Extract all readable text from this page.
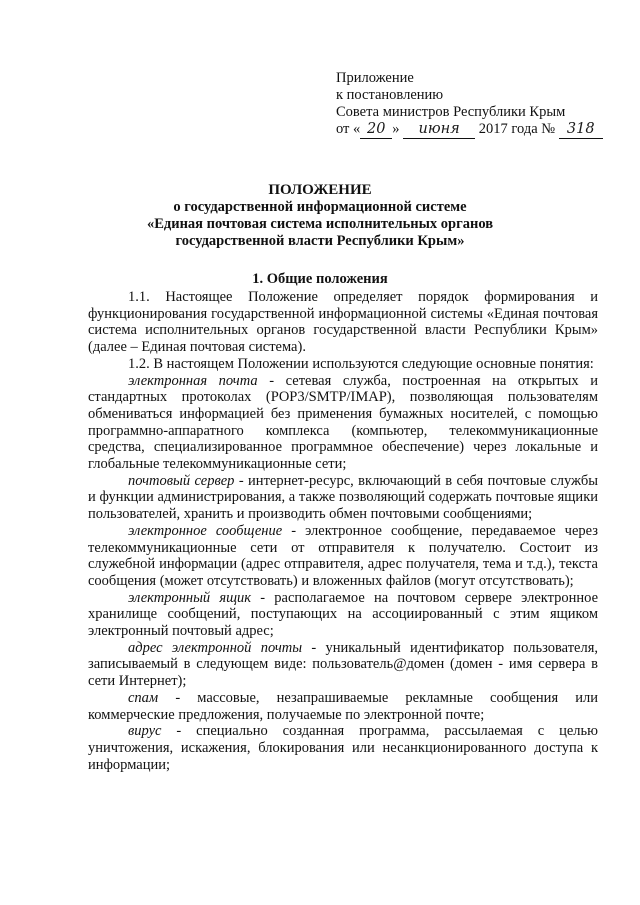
Приложение
к постановлению
Совета министров Республики Крым
от « 20 » июня 2017 года № 318
ПОЛОЖЕНИЕ
о государственной информационной системе
«Единая почтовая система исполнительных органов
государственной власти Республики Крым»
1. Общие положения

1.1. Настоящее Положение определяет порядок формирования и функционирования государственной информационной системы «Единая почтовая система исполнительных органов государственной власти Республики Крым» (далее – Единая почтовая система).

1.2. В настоящем Положении используются следующие основные понятия:

электронная почта - сетевая служба, построенная на открытых и стандартных протоколах (POP3/SMTP/IMAP), позволяющая пользователям обмениваться информацией без применения бумажных носителей, с помощью программно-аппаратного комплекса (компьютер, телекоммуникационные средства, специализированное программное обеспечение) через локальные и глобальные телекоммуникационные сети;

почтовый сервер - интернет-ресурс, включающий в себя почтовые службы и функции администрирования, а также позволяющий содержать почтовые ящики пользователей, хранить и производить обмен почтовыми сообщениями;

электронное сообщение - электронное сообщение, передаваемое через телекоммуникационные сети от отправителя к получателю. Состоит из служебной информации (адрес отправителя, адрес получателя, тема и т.д.), текста сообщения (может отсутствовать) и вложенных файлов (могут отсутствовать);

электронный ящик - располагаемое на почтовом сервере электронное хранилище сообщений, поступающих на ассоциированный с этим ящиком электронный почтовый адрес;

адрес электронной почты - уникальный идентификатор пользователя, записываемый в следующем виде: пользователь@домен (домен - имя сервера в сети Интернет);

спам - массовые, незапрашиваемые рекламные сообщения или коммерческие предложения, получаемые по электронной почте;

вирус - специально созданная программа, рассылаемая с целью уничтожения, искажения, блокирования или несанкционированного доступа к информации;
